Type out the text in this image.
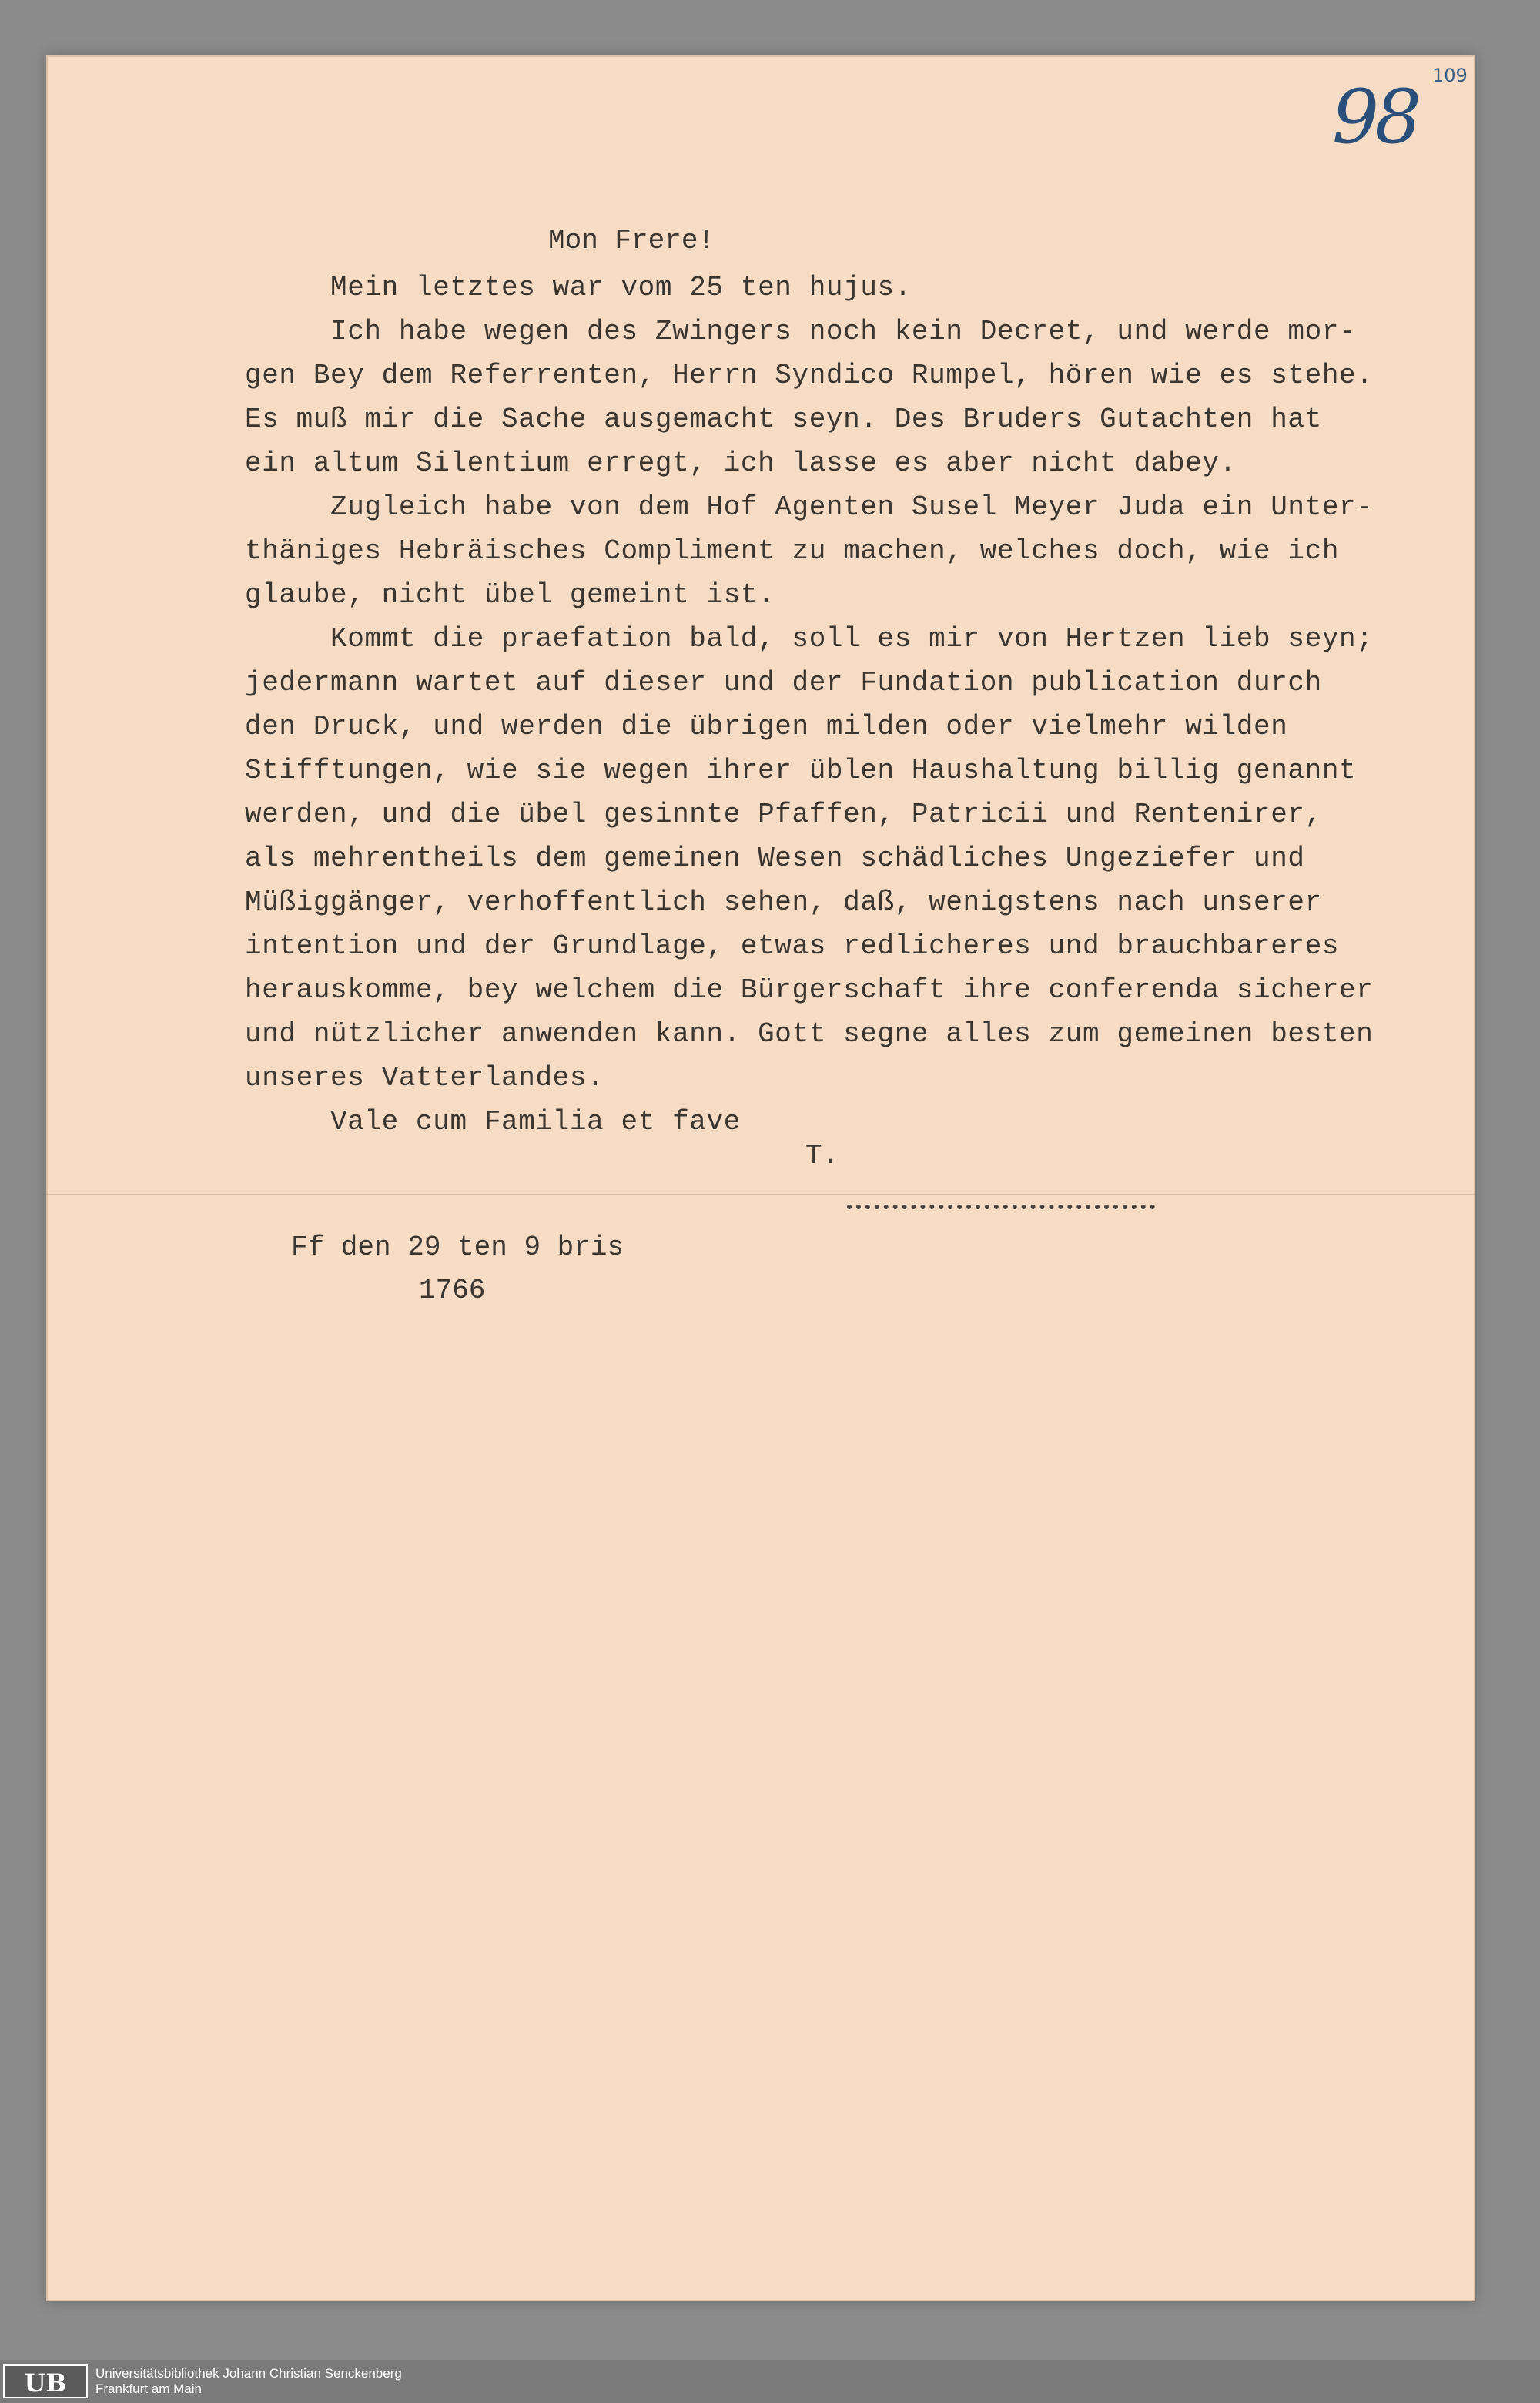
98 109
Mon Frere!
Mein letztes war vom 25 ten hujus.
Ich habe wegen des Zwingers noch kein Decret, und werde mor-
gen Bey dem Referrenten, Herrn Syndico Rumpel, hören wie es stehe.
Es muß mir die Sache ausgemacht seyn. Des Bruders Gutachten hat
ein altum Silentium erregt, ich lasse es aber nicht dabey.
Zugleich habe von dem Hof Agenten Susel Meyer Juda ein Unter-
thäniges Hebräisches Compliment zu machen, welches doch, wie ich
glaube, nicht übel gemeint ist.
Kommt die praefation bald, soll es mir von Hertzen lieb seyn;
jedermann wartet auf dieser und der Fundation publication durch
den Druck, und werden die übrigen milden oder vielmehr wilden
Stifftungen, wie sie wegen ihrer üblen Haushaltung billig genannt
werden, und die übel gesinnte Pfaffen, Patricii und Rentenirer,
als mehrentheils dem gemeinen Wesen schädliches Ungeziefer und
Müßiggänger, verhoffentlich sehen, daß, wenigstens nach unserer
intention und der Grundlage, etwas redlicheres und brauchbareres
herauskomme, bey welchem die Bürgerschaft ihre conferenda sicherer
und nützlicher anwenden kann. Gott segne alles zum gemeinen besten
unseres Vatterlandes.
Vale cum Familia et fave
T.
Ff den 29 ten 9 bris
1766
UB	Universitätsbibliothek Johann Christian Senckenberg
Frankfurt am Main
